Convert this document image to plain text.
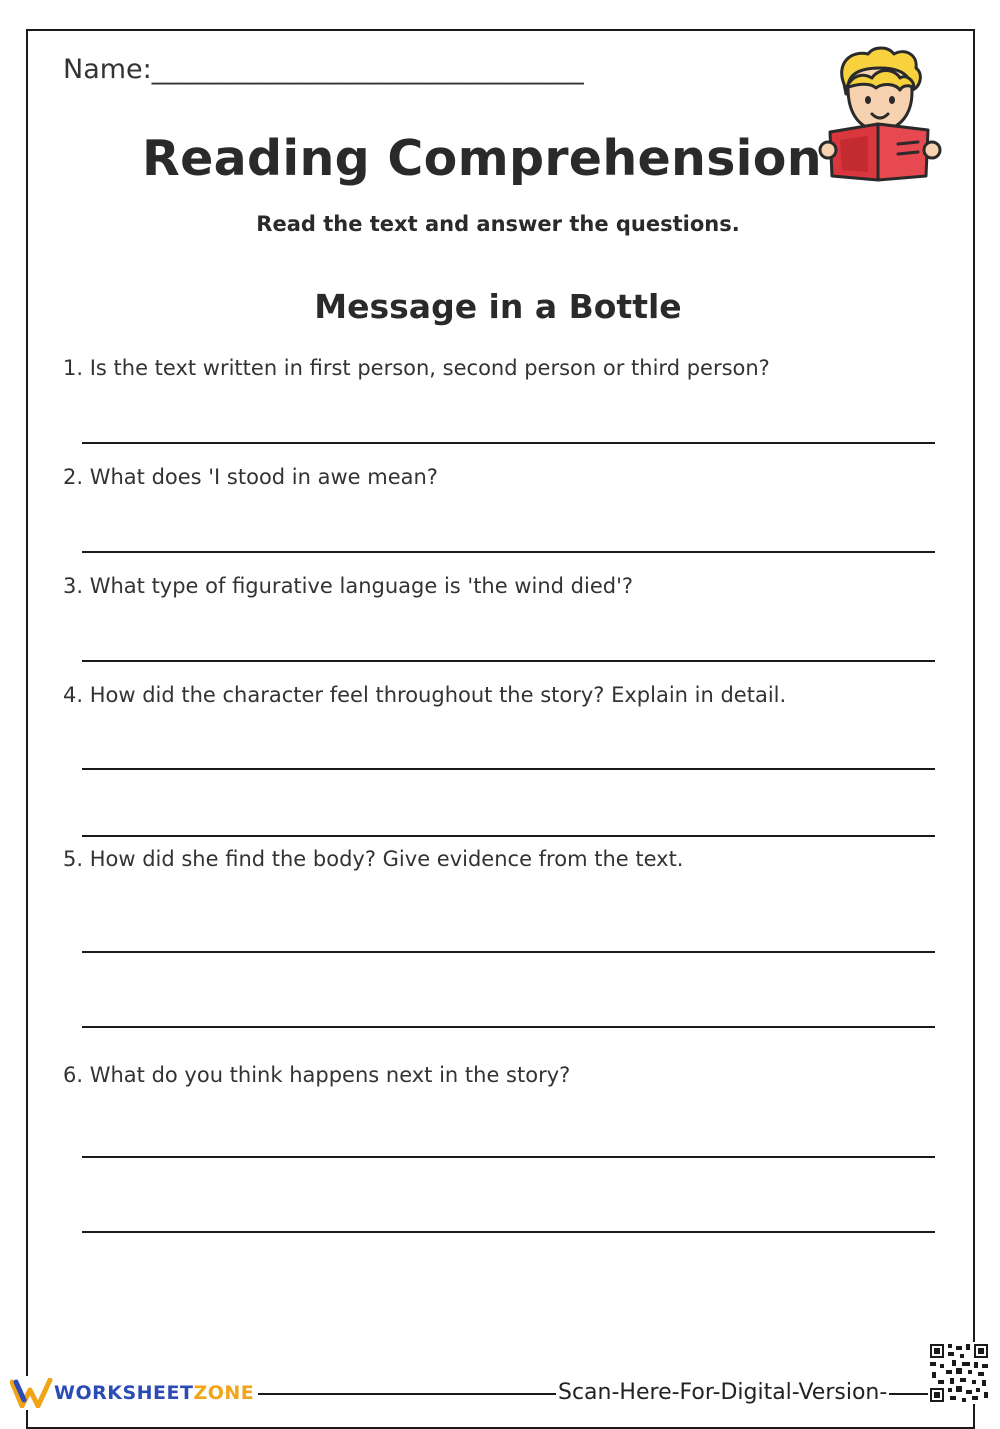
Name:________________________________
Reading Comprehension
Read the text and answer the questions.
Message in a Bottle
1. Is the text written in first person, second person or third person?
2. What does 'I stood in awe mean?
3. What type of figurative language is 'the wind died'?
4. How did the character feel throughout the story? Explain in detail.
5. How did she find the body? Give evidence from the text.
6. What do you think happens next in the story?
WORKSHEETZONE	Scan-Here-For-Digital-Version-
